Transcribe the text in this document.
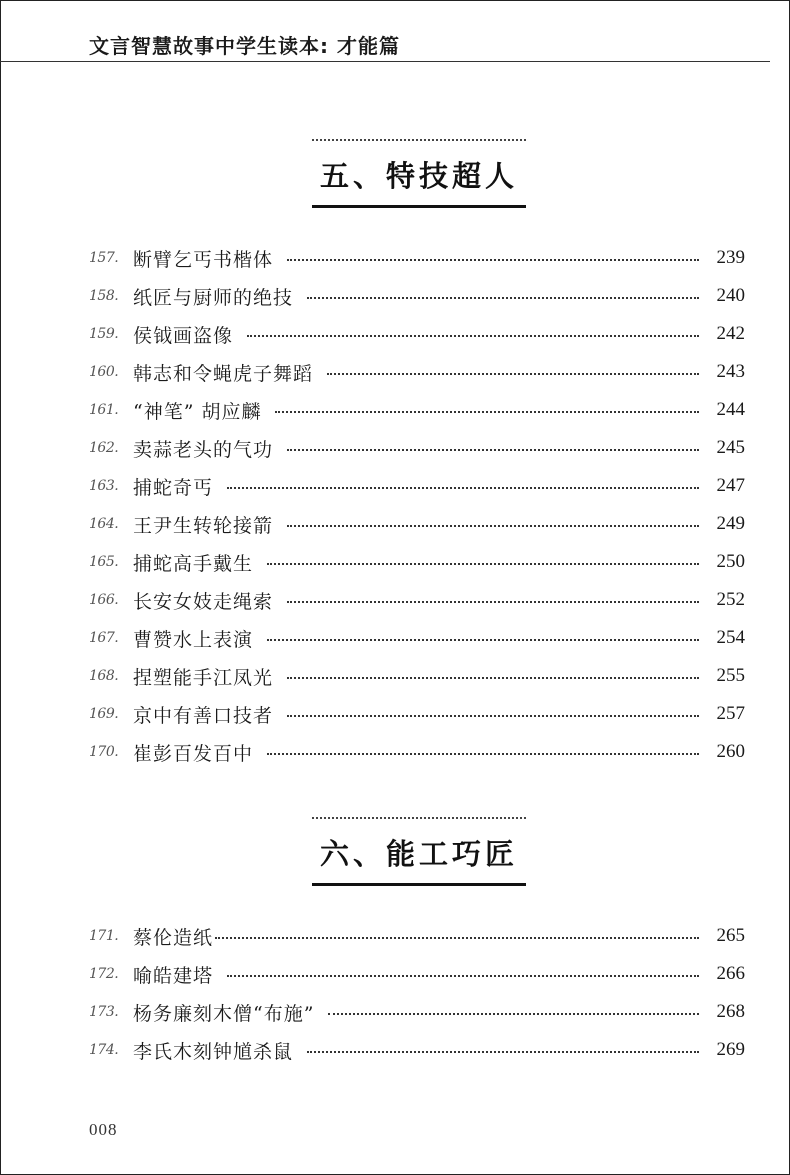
文言智慧故事中学生读本: 才能篇
五、特技超人
157. 断臂乞丐书楷体	239
158. 纸匠与厨师的绝技	240
159. 侯钺画盗像	242
160. 韩志和令蝇虎子舞蹈	243
161. “神笔” 胡应麟	244
162. 卖蒜老头的气功	245
163. 捕蛇奇丐	247
164. 王尹生转轮接箭	249
165. 捕蛇高手戴生	250
166. 长安女妓走绳索	252
167. 曹赞水上表演	254
168. 捏塑能手江凤光	255
169. 京中有善口技者	257
170. 崔彭百发百中	260
六、能工巧匠
171. 蔡伦造纸	265
172. 喻皓建塔	266
173. 杨务廉刻木僧“布施”	268
174. 李氏木刻钟馗杀鼠	269
008
